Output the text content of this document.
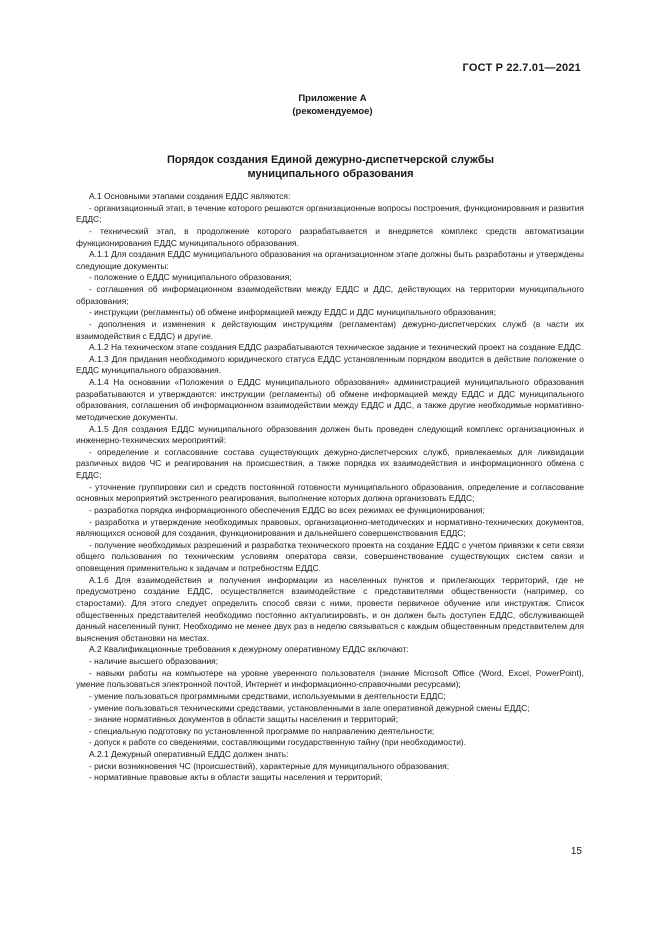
ГОСТ Р 22.7.01—2021
Приложение А
(рекомендуемое)
Порядок создания Единой дежурно-диспетчерской службы
муниципального образования

А.1 Основными этапами создания ЕДДС являются:

- организационный этап, в течение которого решаются организационные вопросы построения, функционирования и развития ЕДДС;

- технический этап, в продолжение которого разрабатывается и внедряется комплекс средств автоматизации функционирования ЕДДС муниципального образования.

А.1.1 Для создания ЕДДС муниципального образования на организационном этапе должны быть разработаны и утверждены следующие документы:

- положение о ЕДДС муниципального образования;

- соглашения об информационном взаимодействии между ЕДДС и ДДС, действующих на территории муниципального образования;

- инструкции (регламенты) об обмене информацией между ЕДДС и ДДС муниципального образования;

- дополнения и изменения к действующим инструкциям (регламентам) дежурно-диспетчерских служб (в части их взаимодействия с ЕДДС) и другие.

А.1.2 На техническом этапе создания ЕДДС разрабатываются техническое задание и технический проект на создание ЕДДС.

А.1.3 Для придания необходимого юридического статуса ЕДДС установленным порядком вводится в действие положение о ЕДДС муниципального образования.

А.1.4 На основании «Положения о ЕДДС муниципального образования» администрацией муниципального образования разрабатываются и утверждаются: инструкции (регламенты) об обмене информацией между ЕДДС и ДДС муниципального образования, соглашения об информационном взаимодействии между ЕДДС и ДДС, а также другие необходимые нормативно-методические документы.

А.1.5 Для создания ЕДДС муниципального образования должен быть проведен следующий комплекс организационных и инженерно-технических мероприятий:

- определение и согласование состава существующих дежурно-диспетчерских служб, привлекаемых для ликвидации различных видов ЧС и реагирования на происшествия, а также порядка их взаимодействия и информационного обмена с ЕДДС;

- уточнение группировки сил и средств постоянной готовности муниципального образования, определение и согласование основных мероприятий экстренного реагирования, выполнение которых должна организовать ЕДДС;

- разработка порядка информационного обеспечения ЕДДС во всех режимах ее функционирования;

- разработка и утверждение необходимых правовых, организационно-методических и нормативно-технических документов, являющихся основой для создания, функционирования и дальнейшего совершенствования ЕДДС;

- получение необходимых разрешений и разработка технического проекта на создание ЕДДС с учетом привязки к сети связи общего пользования по техническим условиям оператора связи, совершенствование существующих систем связи и оповещения применительно к задачам и потребностям ЕДДС.

А.1.6 Для взаимодействия и получения информации из населенных пунктов и прилегающих территорий, где не предусмотрено создание ЕДДС, осуществляется взаимодействие с представителями общественности (например, со старостами). Для этого следует определить способ связи с ними, провести первичное обучение или инструктаж. Список общественных представителей необходимо постоянно актуализировать, и он должен быть доступен ЕДДС, обслуживающей данный населенный пункт. Необходимо не менее двух раз в неделю связываться с каждым общественным представителем для выяснения обстановки на местах.

А.2 Квалификационные требования к дежурному оперативному ЕДДС включают:

- наличие высшего образования;

- навыки работы на компьютере на уровне уверенного пользователя (знание Microsoft Office (Word, Excel, PowerPoint), умение пользоваться электронной почтой, Интернет и информационно-справочными ресурсами);

- умение пользоваться программными средствами, используемыми в деятельности ЕДДС;

- умение пользоваться техническими средствами, установленными в зале оперативной дежурной смены ЕДДС;

- знание нормативных документов в области защиты населения и территорий;

- специальную подготовку по установленной программе по направлению деятельности;

- допуск к работе со сведениями, составляющими государственную тайну (при необходимости).

А.2.1 Дежурный оперативный ЕДДС должен знать:

- риски возникновения ЧС (происшествий), характерные для муниципального образования;

- нормативные правовые акты в области защиты населения и территорий;

15
